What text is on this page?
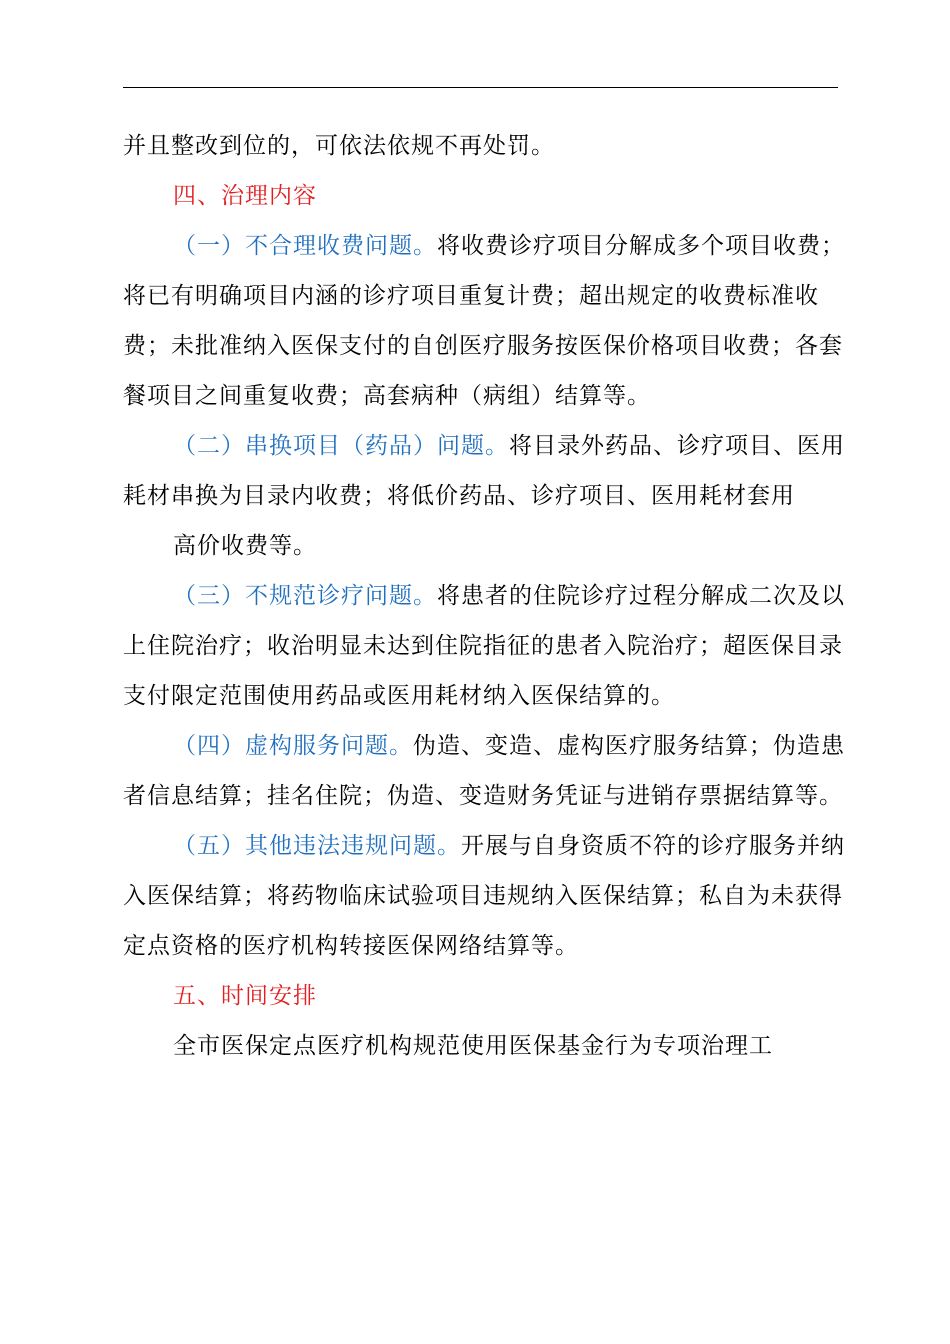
并且整改到位的，可依法依规不再处罚。

四、治理内容

（一）不合理收费问题。将收费诊疗项目分解成多个项目收费；将已有明确项目内涵的诊疗项目重复计费；超出规定的收费标准收费；未批准纳入医保支付的自创医疗服务按医保价格项目收费；各套餐项目之间重复收费；高套病种（病组）结算等。

（二）串换项目（药品）问题。将目录外药品、诊疗项目、医用耗材串换为目录内收费；将低价药品、诊疗项目、医用耗材套用

高价收费等。

（三）不规范诊疗问题。将患者的住院诊疗过程分解成二次及以上住院治疗；收治明显未达到住院指征的患者入院治疗；超医保目录支付限定范围使用药品或医用耗材纳入医保结算的。

（四）虚构服务问题。伪造、变造、虚构医疗服务结算；伪造患者信息结算；挂名住院；伪造、变造财务凭证与进销存票据结算等。

（五）其他违法违规问题。开展与自身资质不符的诊疗服务并纳入医保结算；将药物临床试验项目违规纳入医保结算；私自为未获得定点资格的医疗机构转接医保网络结算等。

五、时间安排

全市医保定点医疗机构规范使用医保基金行为专项治理工
